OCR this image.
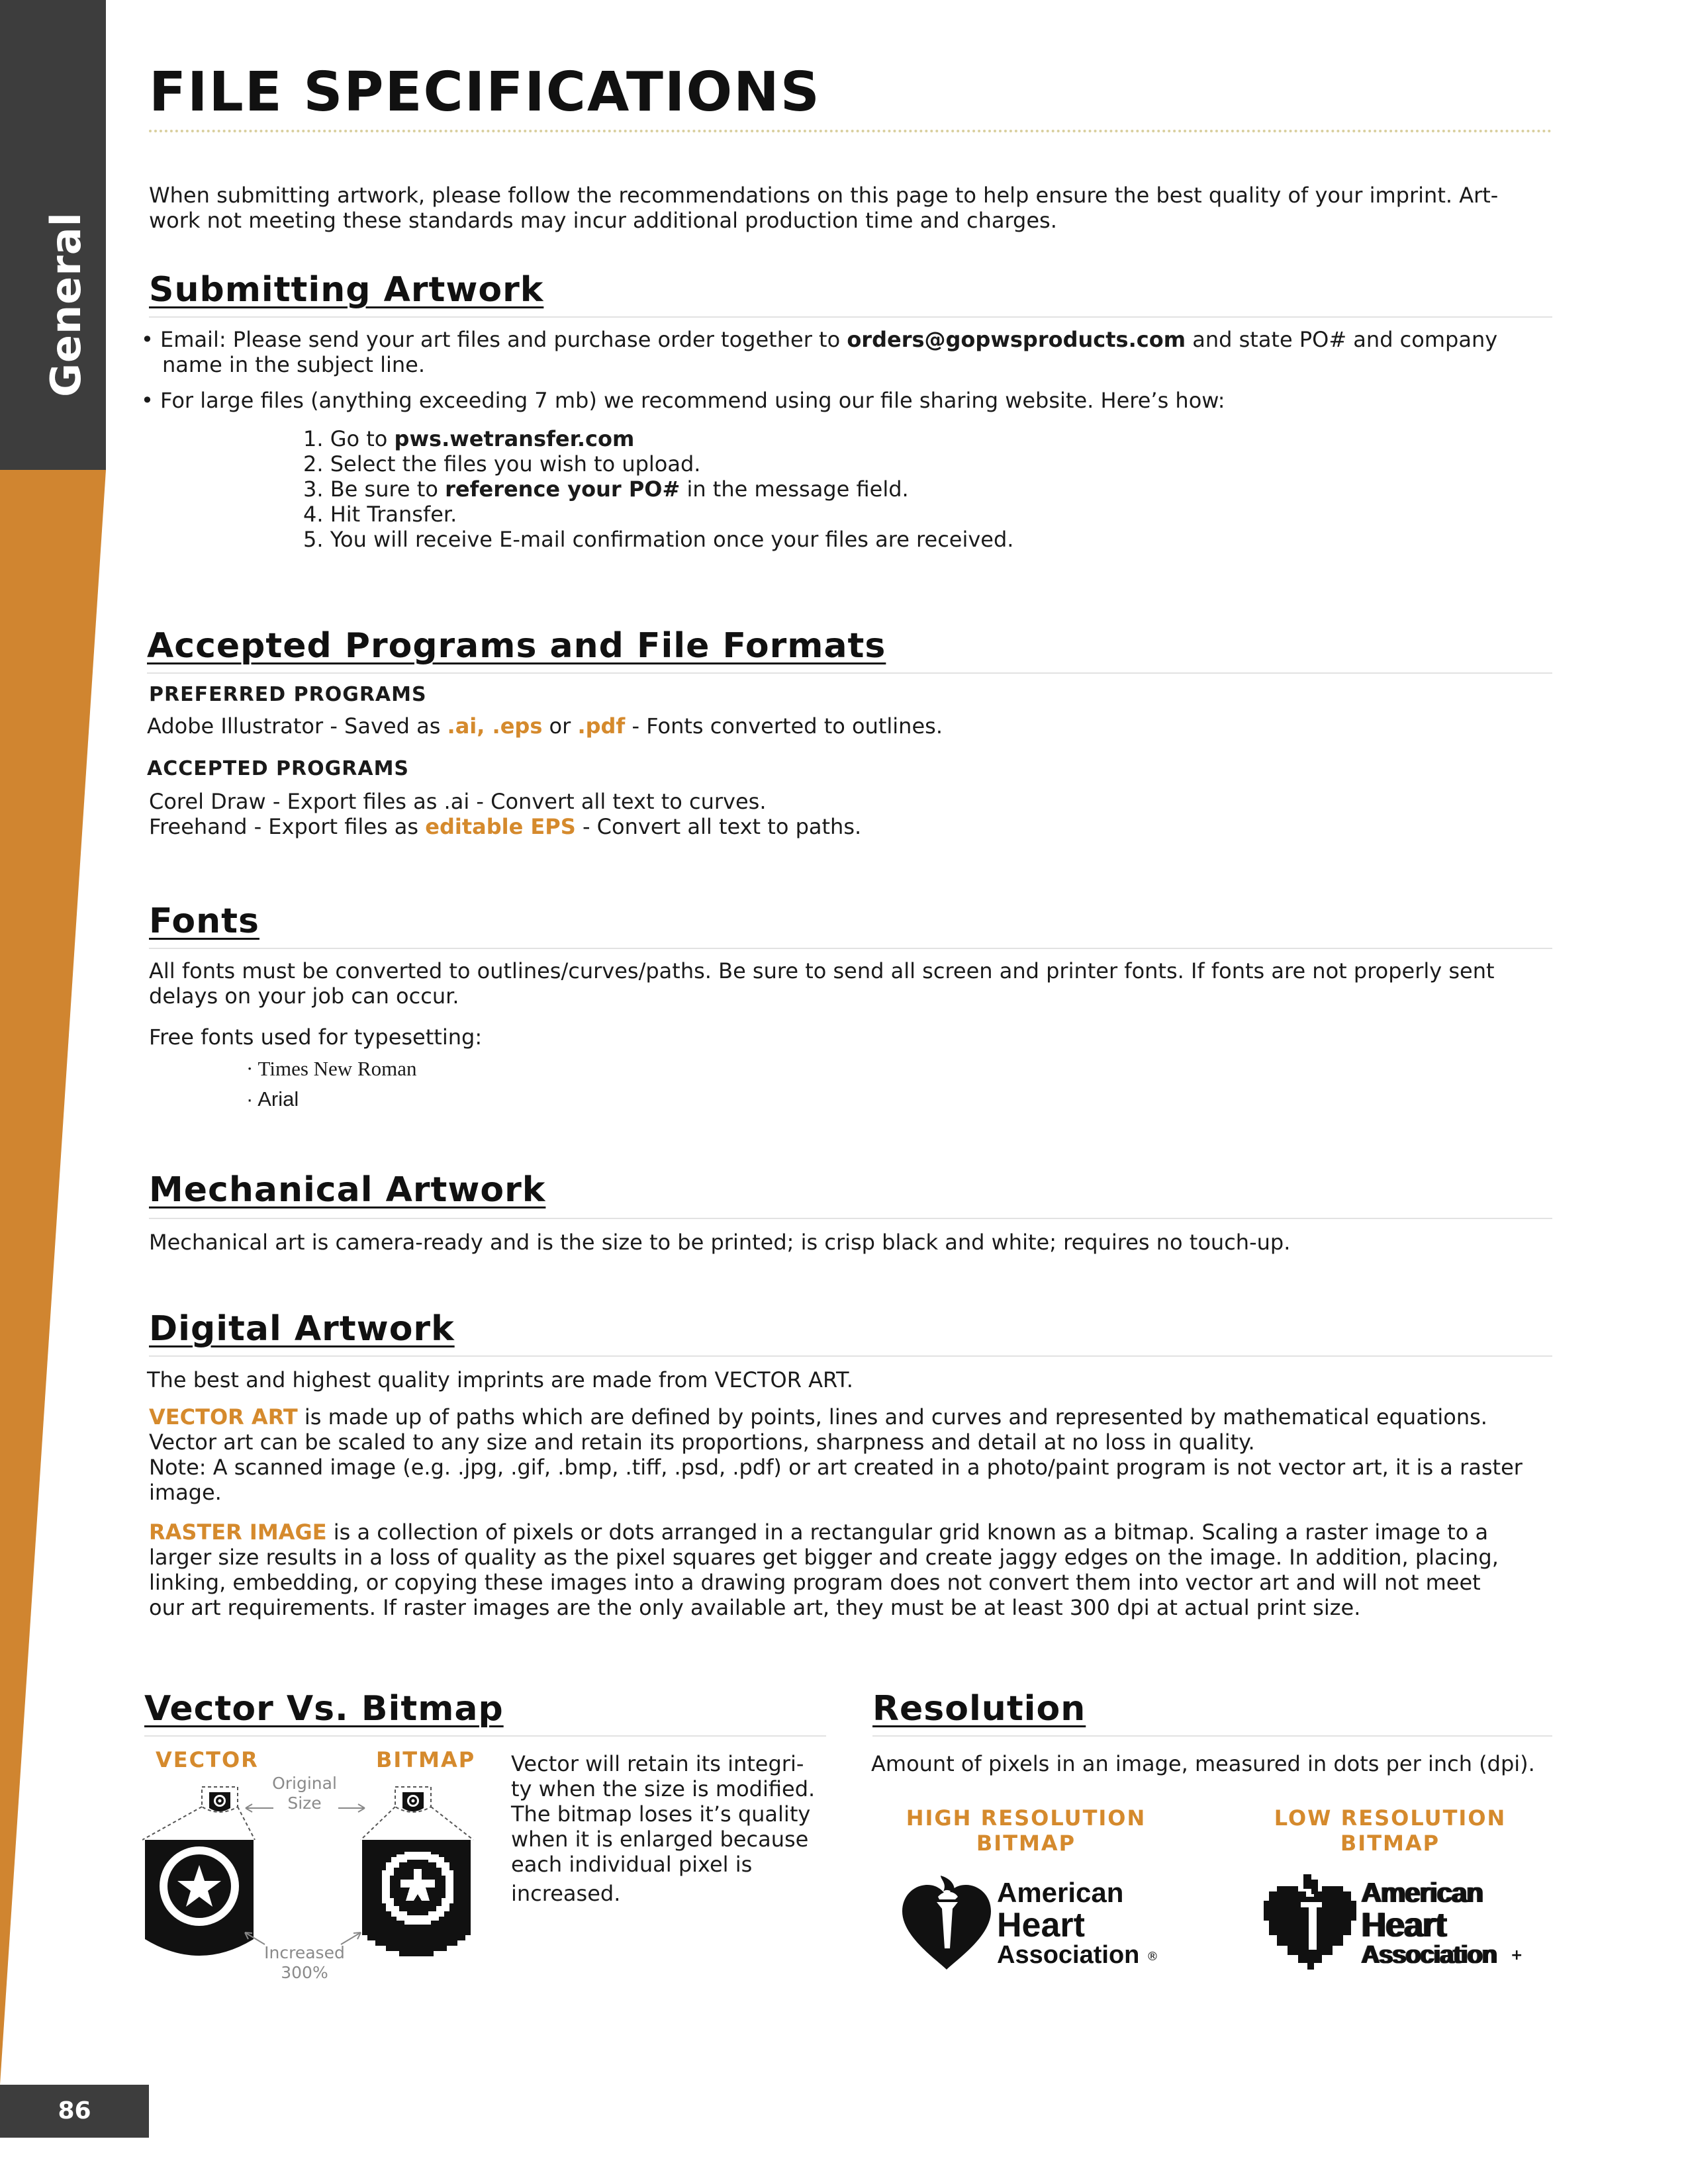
General Info
86
FILE SPECIFICATIONS
When submitting artwork, please follow the recommendations on this page to help ensure the best quality of your imprint. Art-
work not meeting these standards may incur additional production time and charges.
Submitting Artwork
• Email: Please send your art files and purchase order together to orders@gopwsproducts.com and state PO# and company
name in the subject line.
• For large files (anything exceeding 7 mb) we recommend using our file sharing website. Here’s how:
1. Go to pws.wetransfer.com
2. Select the files you wish to upload.
3. Be sure to reference your PO# in the message field.
4. Hit Transfer.
5. You will receive E-mail confirmation once your files are received.
Accepted Programs and File Formats
PREFERRED PROGRAMS
Adobe Illustrator - Saved as .ai, .eps or .pdf - Fonts converted to outlines.
ACCEPTED PROGRAMS
Corel Draw - Export files as .ai - Convert all text to curves.
Freehand - Export files as editable EPS - Convert all text to paths.
Fonts
All fonts must be converted to outlines/curves/paths. Be sure to send all screen and printer fonts. If fonts are not properly sent
delays on your job can occur.
Free fonts used for typesetting:
· Times New Roman
· Arial
Mechanical Artwork
Mechanical art is camera-ready and is the size to be printed; is crisp black and white; requires no touch-up.
Digital Artwork
The best and highest quality imprints are made from VECTOR ART.
VECTOR ART is made up of paths which are defined by points, lines and curves and represented by mathematical equations.
Vector art can be scaled to any size and retain its proportions, sharpness and detail at no loss in quality.
Note: A scanned image (e.g. .jpg, .gif, .bmp, .tiff, .psd, .pdf) or art created in a photo/paint program is not vector art, it is a raster
image.
RASTER IMAGE is a collection of pixels or dots arranged in a rectangular grid known as a bitmap. Scaling a raster image to a
larger size results in a loss of quality as the pixel squares get bigger and create jaggy edges on the image. In addition, placing,
linking, embedding, or copying these images into a drawing program does not convert them into vector art and will not meet
our art requirements. If raster images are the only available art, they must be at least 300 dpi at actual print size.
Vector Vs. Bitmap
VECTOR	BITMAP
Original
Size
Increased
300%
Vector will retain its integri-
ty when the size is modified.
The bitmap loses it’s quality
when it is enlarged because
each individual pixel is
increased.
Resolution
Amount of pixels in an image, measured in dots per inch (dpi).
HIGH RESOLUTION
BITMAP
LOW RESOLUTION
BITMAP
American
Heart
Association ®
American
Heart
Association +
